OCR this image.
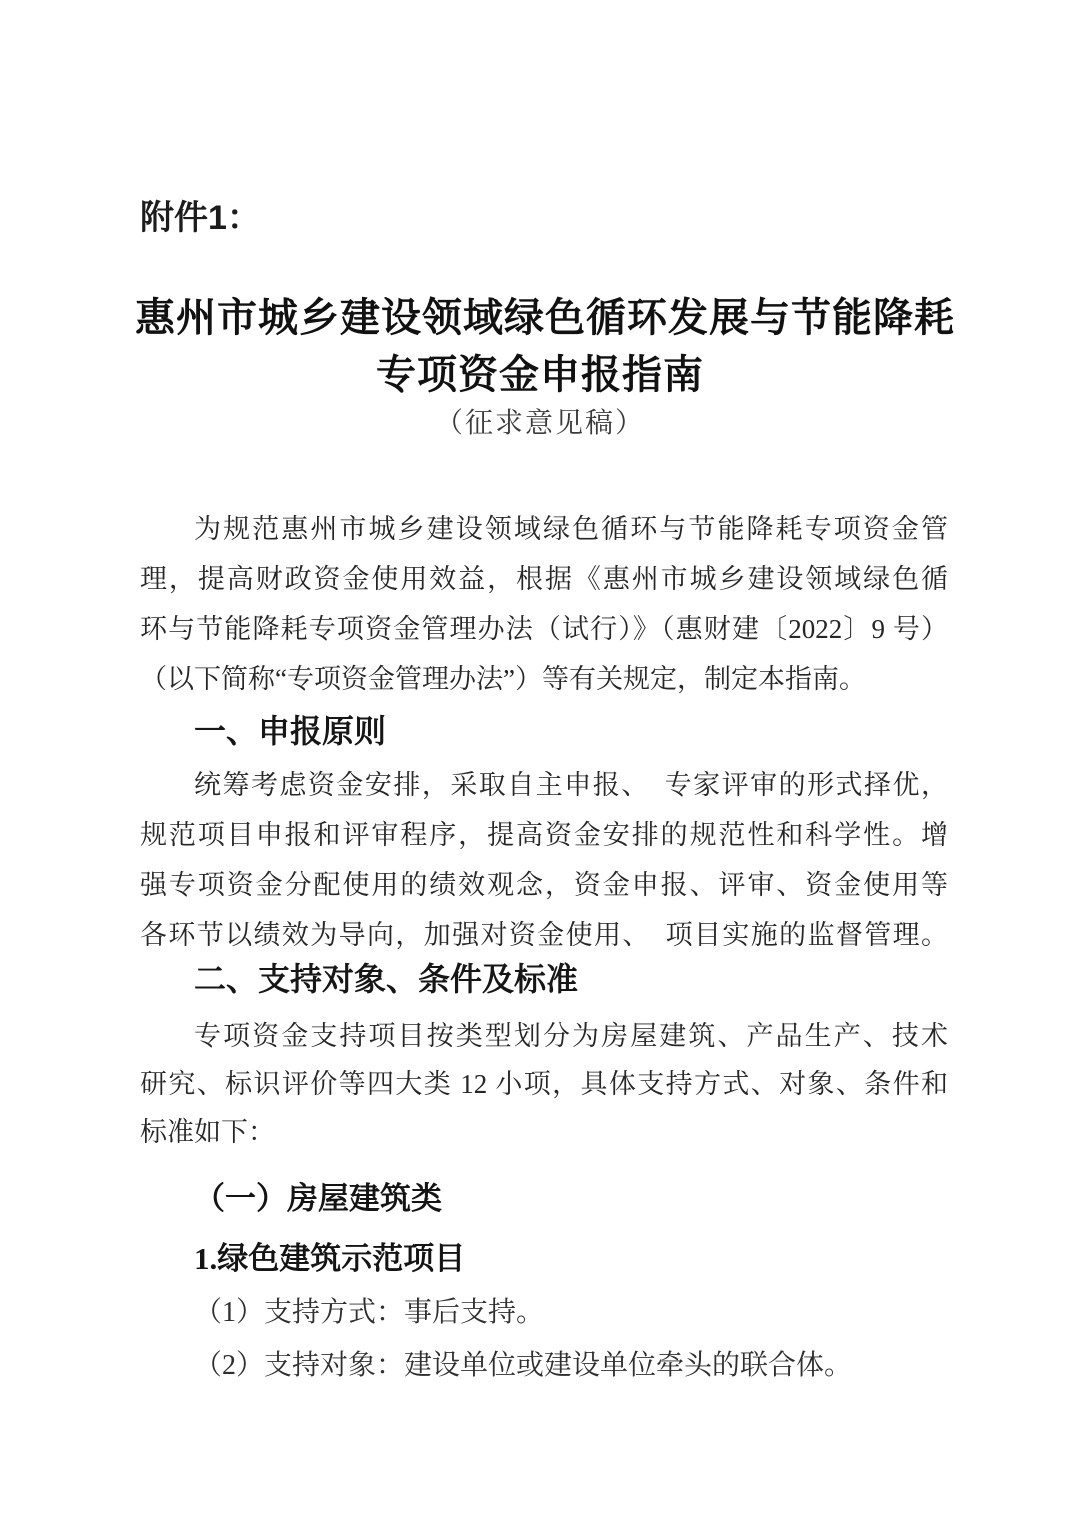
附件1：
惠州市城乡建设领域绿色循环发展与节能降耗
专项资金申报指南
（征求意见稿）
为规范惠州市城乡建设领域绿色循环与节能降耗专项资金管
理，提高财政资金使用效益，根据《惠州市城乡建设领域绿色循
环与节能降耗专项资金管理办法（试行）》（惠财建〔2022〕9 号）
（以下简称“专项资金管理办法”）等有关规定，制定本指南。
一、申报原则
统筹考虑资金安排，采取自主申报、　专家评审的形式择优，
规范项目申报和评审程序，提高资金安排的规范性和科学性。增
强专项资金分配使用的绩效观念，资金申报、评审、资金使用等
各环节以绩效为导向，加强对资金使用、　项目实施的监督管理。
二、支持对象、条件及标准
专项资金支持项目按类型划分为房屋建筑、产品生产、技术
研究、标识评价等四大类 12 小项，具体支持方式、对象、条件和
标准如下：
（一）房屋建筑类
1.绿色建筑示范项目
（1）支持方式：事后支持。
（2）支持对象：建设单位或建设单位牵头的联合体。
